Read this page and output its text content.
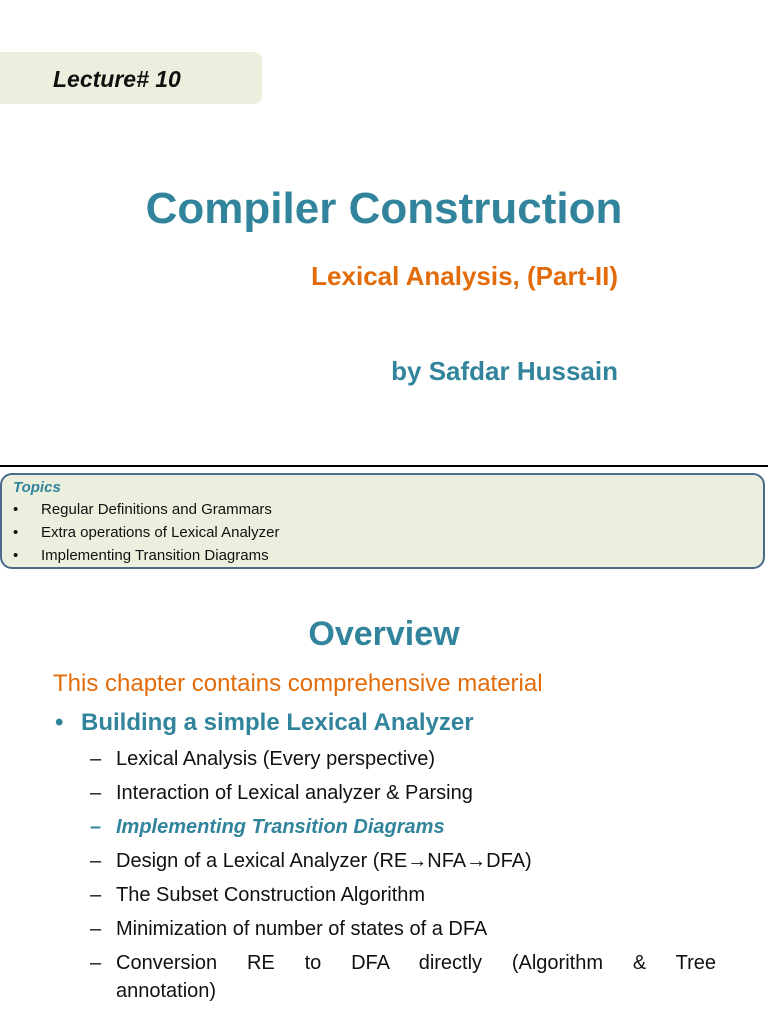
Lecture# 10
Compiler Construction
Lexical Analysis, (Part-II)
by Safdar Hussain
Topics
• Regular Definitions and Grammars
• Extra operations of Lexical Analyzer
• Implementing Transition Diagrams
Overview
This chapter contains comprehensive material
• Building a simple Lexical Analyzer
– Lexical Analysis (Every perspective)
– Interaction of Lexical analyzer & Parsing
– Implementing Transition Diagrams
– Design of a Lexical Analyzer (RE→NFA→DFA)
– The Subset Construction Algorithm
– Minimization of number of states of a DFA
– Conversion RE to DFA directly (Algorithm & Tree
annotation)
